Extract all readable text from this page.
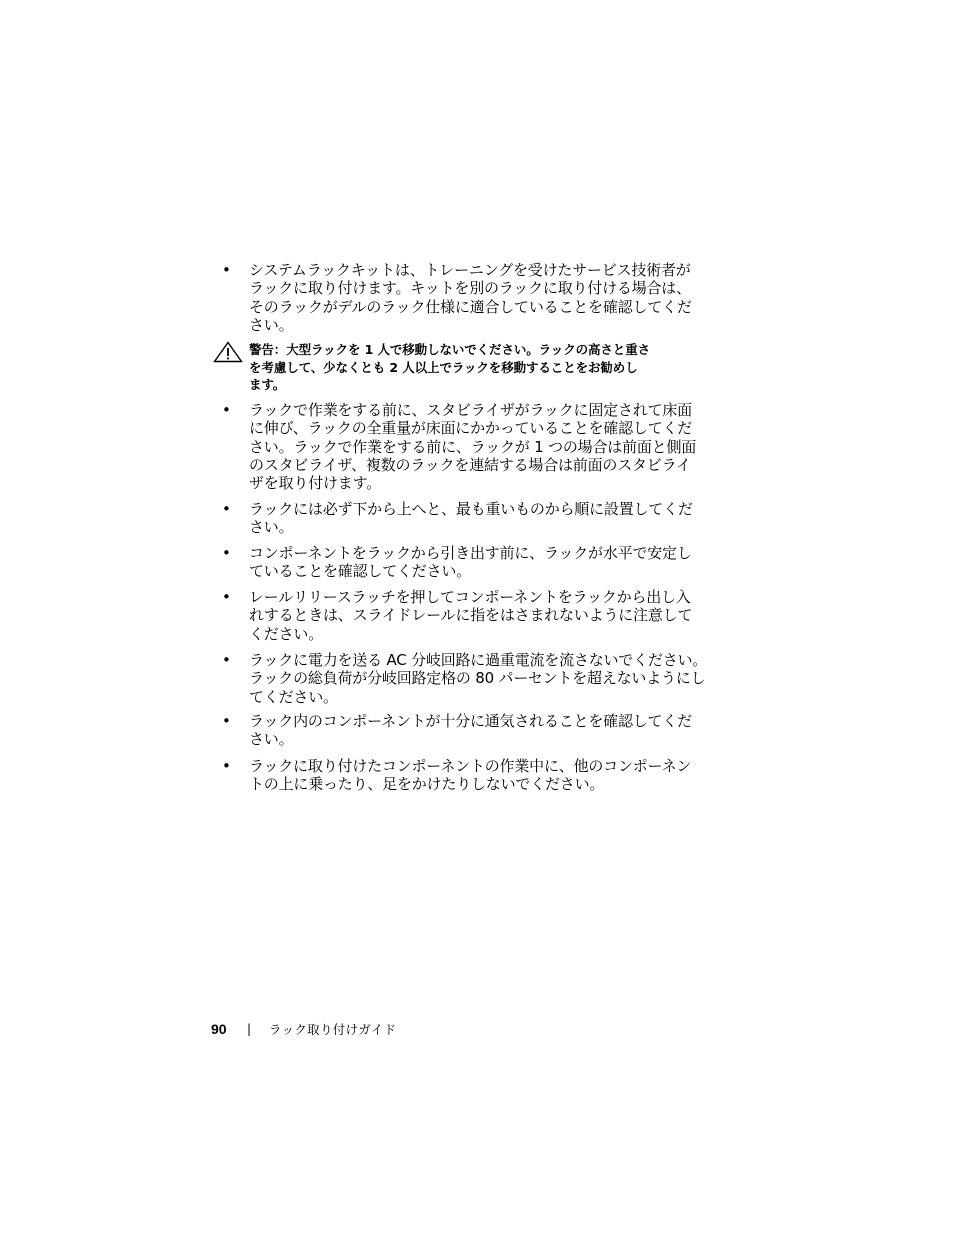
•	システムラックキットは、トレーニングを受けたサービス技術者が
ラックに取り付けます。キットを別のラックに取り付ける場合は、
そのラックがデルのラック仕様に適合していることを確認してくだ
さい。
警告：大型ラックを 1 人で移動しないでください。ラックの高さと重さ
を考慮して、少なくとも 2 人以上でラックを移動することをお勧めし
ます。
•	ラックで作業をする前に、スタビライザがラックに固定されて床面
に伸び、ラックの全重量が床面にかかっていることを確認してくだ
さい。ラックで作業をする前に、ラックが 1 つの場合は前面と側面
のスタビライザ、複数のラックを連結する場合は前面のスタビライ
ザを取り付けます。
•	ラックには必ず下から上へと、最も重いものから順に設置してくだ
さい。
•	コンポーネントをラックから引き出す前に、ラックが水平で安定し
ていることを確認してください。
•	レールリリースラッチを押してコンポーネントをラックから出し入
れするときは、スライドレールに指をはさまれないように注意して
ください。
•	ラックに電力を送る AC 分岐回路に過重電流を流さないでください。
ラックの総負荷が分岐回路定格の 80 パーセントを超えないようにし
てください。
•	ラック内のコンポーネントが十分に通気されることを確認してくだ
さい。
•	ラックに取り付けたコンポーネントの作業中に、他のコンポーネン
トの上に乗ったり、足をかけたりしないでください。
90	|	ラック取り付けガイド
